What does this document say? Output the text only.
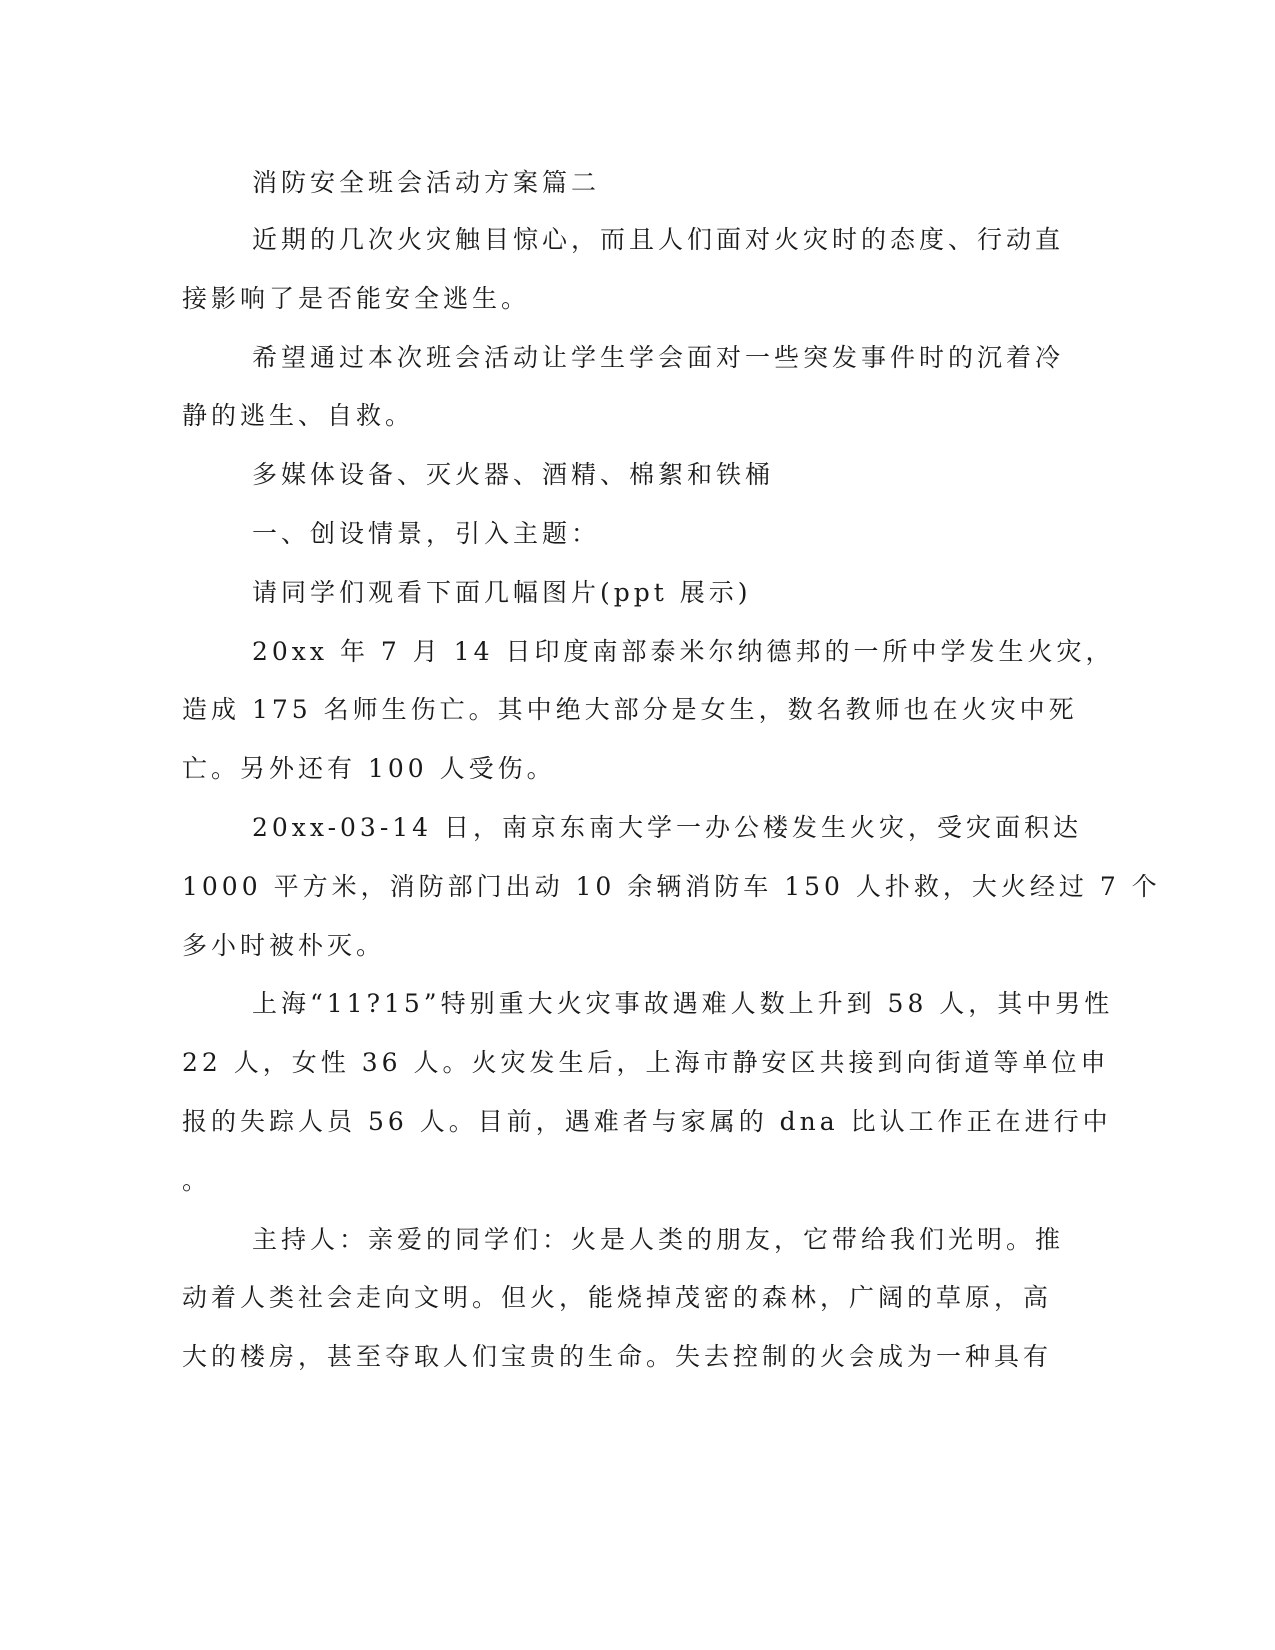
消防安全班会活动方案篇二
近期的几次火灾触目惊心，而且人们面对火灾时的态度、行动直
接影响了是否能安全逃生。
希望通过本次班会活动让学生学会面对一些突发事件时的沉着冷
静的逃生、自救。
多媒体设备、灭火器、酒精、棉絮和铁桶
一、创设情景，引入主题：
请同学们观看下面几幅图片(ppt 展示)
20xx 年 7 月 14 日印度南部泰米尔纳德邦的一所中学发生火灾，
造成 175 名师生伤亡。其中绝大部分是女生，数名教师也在火灾中死
亡。另外还有 100 人受伤。
20xx-03-14 日，南京东南大学一办公楼发生火灾，受灾面积达
1000 平方米，消防部门出动 10 余辆消防车 150 人扑救，大火经过 7 个
多小时被朴灭。
上海“11?15”特别重大火灾事故遇难人数上升到 58 人，其中男性
22 人，女性 36 人。火灾发生后，上海市静安区共接到向街道等单位申
报的失踪人员 56 人。目前，遇难者与家属的 dna 比认工作正在进行中
。
主持人：亲爱的同学们：火是人类的朋友，它带给我们光明。推
动着人类社会走向文明。但火，能烧掉茂密的森林，广阔的草原，高
大的楼房，甚至夺取人们宝贵的生命。失去控制的火会成为一种具有
